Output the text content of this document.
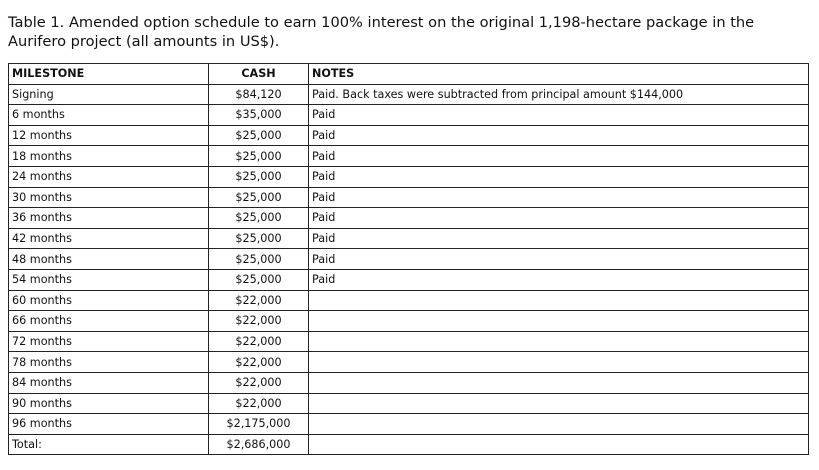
Table 1. Amended option schedule to earn 100% interest on the original 1,198-hectare package in the Aurifero project (all amounts in US$).
MILESTONE	CASH	NOTES
Signing	$84,120	Paid. Back taxes were subtracted from principal amount $144,000
6 months	$35,000	Paid
12 months	$25,000	Paid
18 months	$25,000	Paid
24 months	$25,000	Paid
30 months	$25,000	Paid
36 months	$25,000	Paid
42 months	$25,000	Paid
48 months	$25,000	Paid
54 months	$25,000	Paid
60 months	$22,000	
66 months	$22,000	
72 months	$22,000	
78 months	$22,000	
84 months	$22,000	
90 months	$22,000	
96 months	$2,175,000	
Total:	$2,686,000	
